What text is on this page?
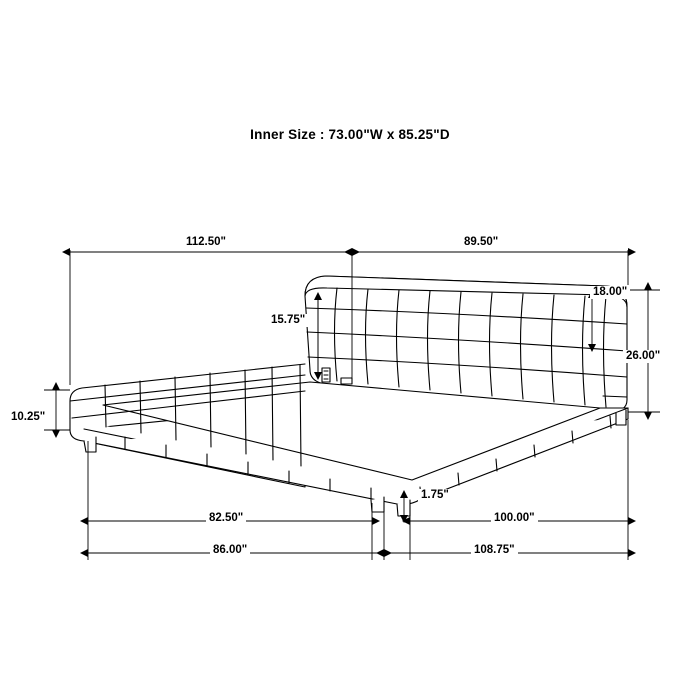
Inner Size : 73.00"W x 85.25"D
112.50"	89.50"
15.75"
18.00"
26.00"
10.25"
1.75"
82.50"	100.00"
86.00"	108.75"
